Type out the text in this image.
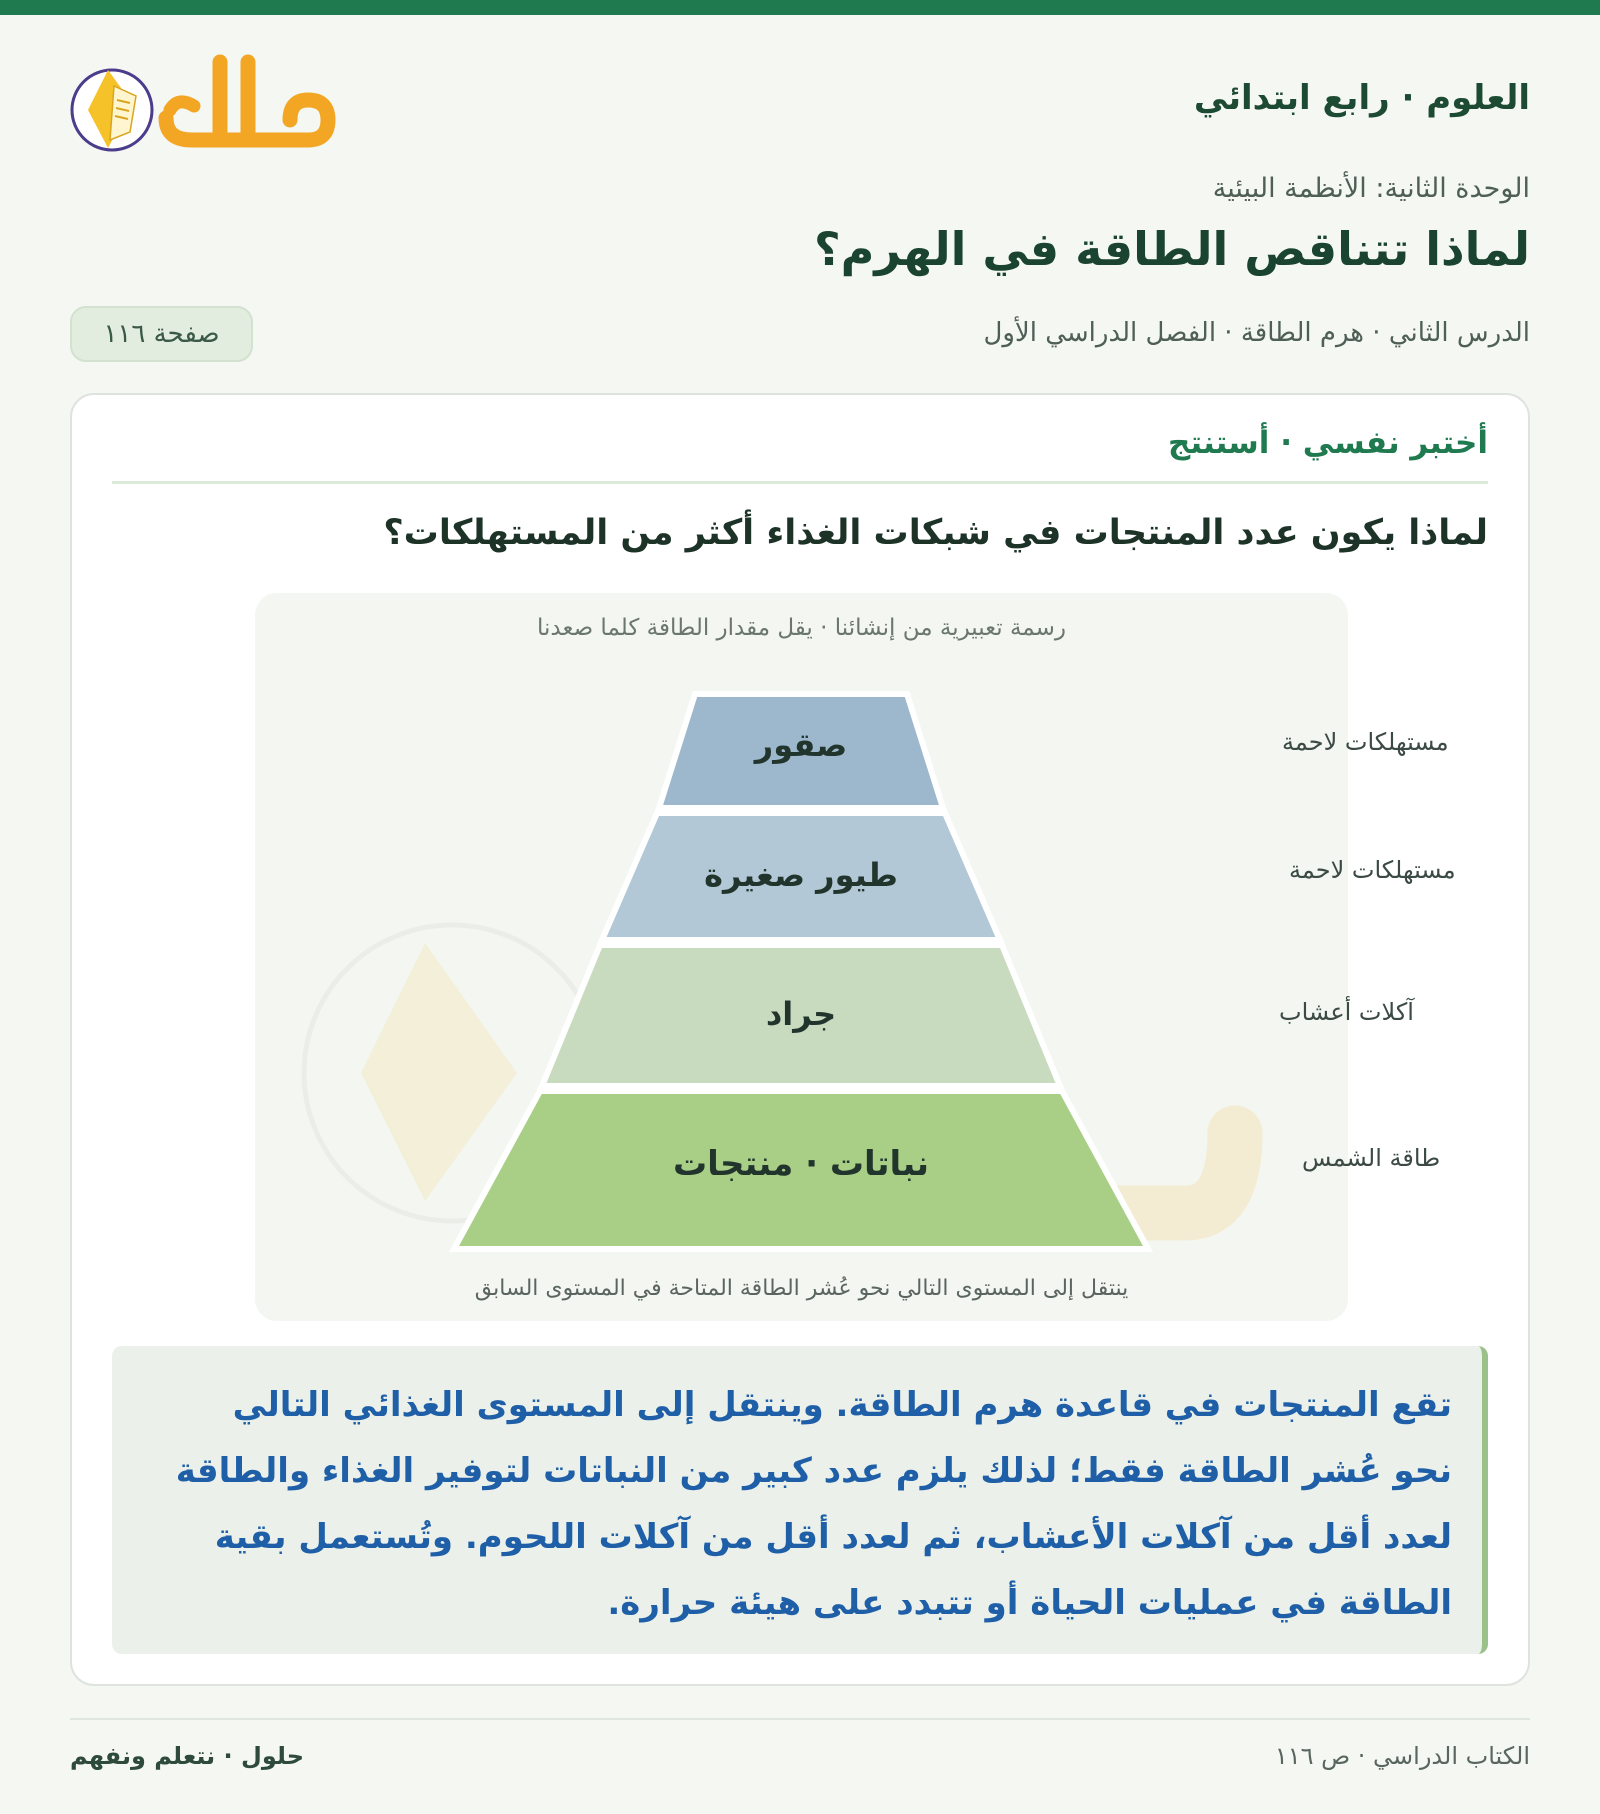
العلوم · رابع ابتدائي
الوحدة الثانية: الأنظمة البيئية
لماذا تتناقص الطاقة في الهرم؟
الدرس الثاني · هرم الطاقة · الفصل الدراسي الأول
صفحة ١١٦
أختبر نفسي · أستنتج
لماذا يكون عدد المنتجات في شبكات الغذاء أكثر من المستهلكات؟
رسمة تعبيرية من إنشائنا · يقل مقدار الطاقة كلما صعدنا
صقور
طيور صغيرة
جراد
نباتات · منتجات
مستهلكات لاحمة
مستهلكات لاحمة
آكلات أعشاب
طاقة الشمس
ينتقل إلى المستوى التالي نحو عُشر الطاقة المتاحة في المستوى السابق
تقع المنتجات في قاعدة هرم الطاقة. وينتقل إلى المستوى الغذائي التالي
نحو عُشر الطاقة فقط؛ لذلك يلزم عدد كبير من النباتات لتوفير الغذاء والطاقة
لعدد أقل من آكلات الأعشاب، ثم لعدد أقل من آكلات اللحوم. وتُستعمل بقية
الطاقة في عمليات الحياة أو تتبدد على هيئة حرارة.
الكتاب الدراسي · ص ١١٦
حلول · نتعلم ونفهم
